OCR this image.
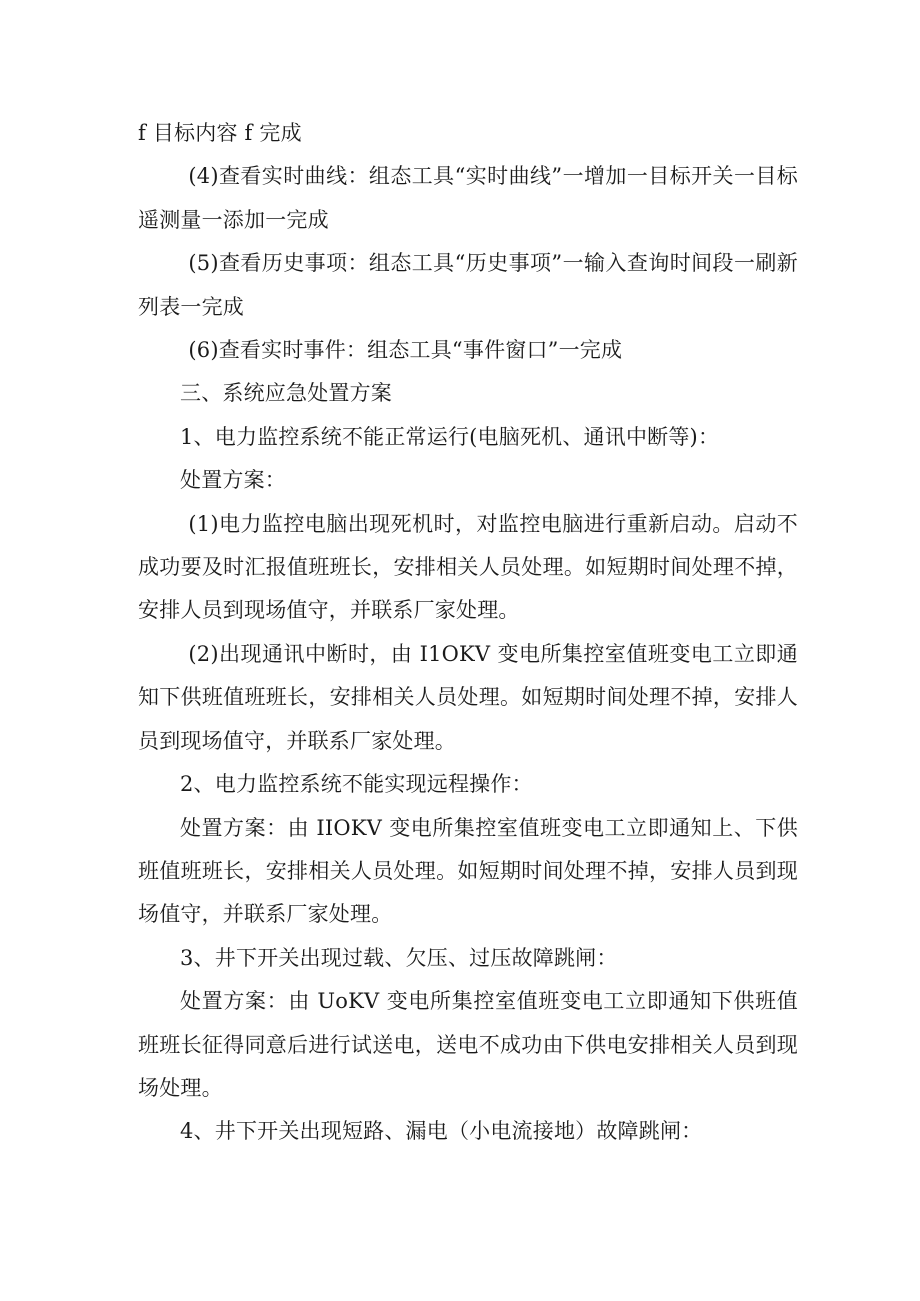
f 目标内容 f 完成

(4)查看实时曲线：组态工具“实时曲线”一增加一目标开关一目标遥测量一添加一完成

(5)查看历史事项：组态工具“历史事项”一输入查询时间段一刷新列表一完成

(6)查看实时事件：组态工具“事件窗口”一完成

三、系统应急处置方案

1、电力监控系统不能正常运行(电脑死机、通讯中断等)：

处置方案：

(1)电力监控电脑出现死机时，对监控电脑进行重新启动。启动不成功要及时汇报值班班长，安排相关人员处理。如短期时间处理不掉，安排人员到现场值守，并联系厂家处理。

(2)出现通讯中断时，由 I1OKV 变电所集控室值班变电工立即通知下供班值班班长，安排相关人员处理。如短期时间处理不掉，安排人员到现场值守，并联系厂家处理。

2、电力监控系统不能实现远程操作：

处置方案：由 IIOKV 变电所集控室值班变电工立即通知上、下供班值班班长，安排相关人员处理。如短期时间处理不掉，安排人员到现场值守，并联系厂家处理。

3、井下开关出现过载、欠压、过压故障跳闸：

处置方案：由 UoKV 变电所集控室值班变电工立即通知下供班值班班长征得同意后进行试送电，送电不成功由下供电安排相关人员到现场处理。

4、井下开关出现短路、漏电（小电流接地）故障跳闸：
